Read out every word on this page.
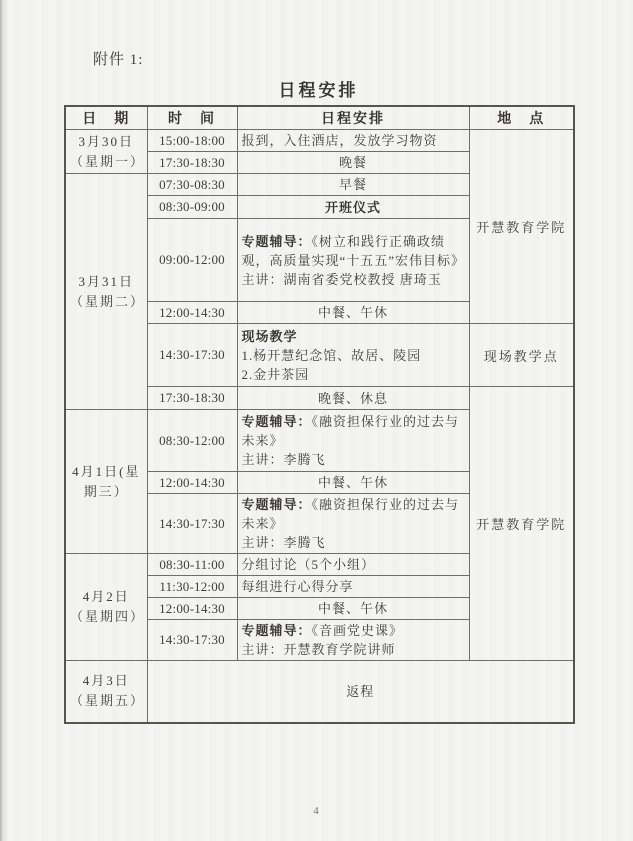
附件 1:
日程安排
日　期	时　间	日程安排	地　点

3月30日
（星期一）	15:00-18:00	报到，入住酒店，发放学习物资	开慧教育学院
	17:30-18:30	晚餐	

3月31日
（星期二）	07:30-08:30	早餐	
	08:30-09:00	开班仪式	
	09:00-12:00	专题辅导：《树立和践行正确政绩观，高质量实现“十五五”宏伟目标》
主讲：湖南省委党校教授 唐琦玉	

	12:00-14:30	中餐、午休	
	14:30-17:30	现场教学
1.杨开慧纪念馆、故居、陵园
2.金井茶园	现场教学点
	17:30-18:30	晚餐、休息	开慧教育学院

4月1日(星
期三）
	08:30-12:00	专题辅导：《融资担保行业的过去与未来》
主讲：李腾飞

	12:00-14:30	中餐、午休	
	14:30-17:30	专题辅导：《融资担保行业的过去与未来》
主讲：李腾飞	

4月2日
（星期四）	08:30-11:00	分组讨论（5个小组）	
	11:30-12:00	每组进行心得分享	
	12:00-14:30	中餐、午休	
	14:30-17:30	专题辅导：《音画党史课》
主讲：开慧教育学院讲师	

4月3日
（星期五）	返程		
4
